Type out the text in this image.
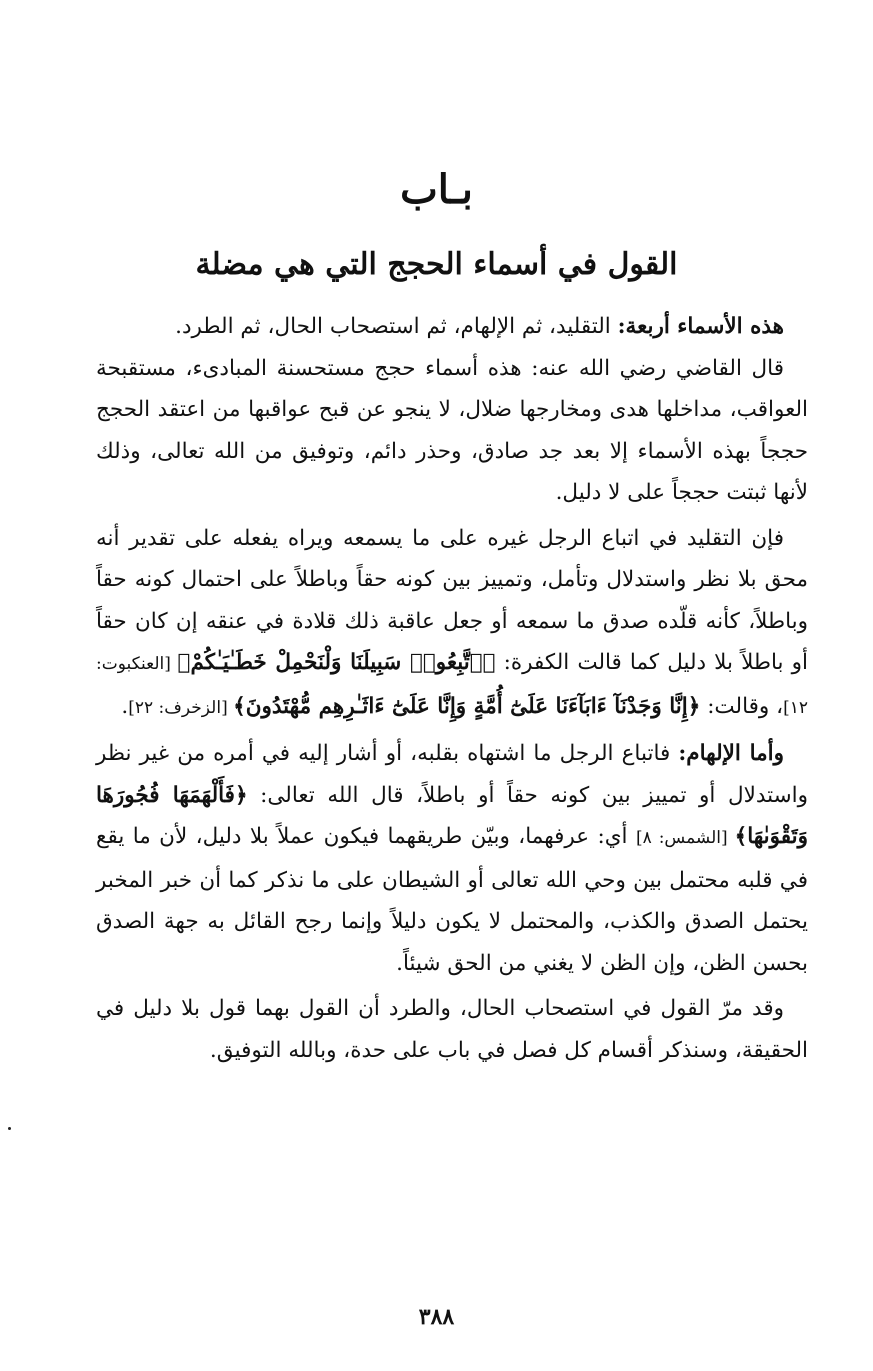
بـاب
القول في أسماء الحجج التي هي مضلة

هذه الأسماء أربعة: التقليد، ثم الإلهام، ثم استصحاب الحال، ثم الطرد.

قال القاضي رضي الله عنه: هذه أسماء حجج مستحسنة المبادىء، مستقبحة العواقب، مداخلها هدى ومخارجها ضلال، لا ينجو عن قبح عواقبها من اعتقد الحجج حججاً بهذه الأسماء إلا بعد جد صادق، وحذر دائم، وتوفيق من الله تعالى، وذلك لأنها ثبتت حججاً على لا دليل.

فإن التقليد في اتباع الرجل غيره على ما يسمعه ويراه يفعله على تقدير أنه محق بلا نظر واستدلال وتأمل، وتمييز بين كونه حقاً وباطلاً على احتمال كونه حقاً وباطلاً، كأنه قلّده صدق ما سمعه أو جعل عاقبة ذلك قلادة في عنقه إن كان حقاً أو باطلاً بلا دليل كما قالت الكفرة: ﴿ٱتَّبِعُوا۟ سَبِيلَنَا وَلْنَحْمِلْ خَطَـٰيَـٰكُمْ﴾ [العنكبوت: ١٢]، وقالت: ﴿إِنَّا وَجَدْنَآ ءَابَآءَنَا عَلَىٰٓ أُمَّةٍ وَإِنَّا عَلَىٰٓ ءَاثَـٰرِهِم مُّهْتَدُونَ﴾ [الزخرف: ٢٢].

وأما الإلهام: فاتباع الرجل ما اشتهاه بقلبه، أو أشار إليه في أمره من غير نظر واستدلال أو تمييز بين كونه حقاً أو باطلاً، قال الله تعالى: ﴿فَأَلْهَمَهَا فُجُورَهَا وَتَقْوَىٰهَا﴾ [الشمس: ٨] أي: عرفهما، وبيّن طريقهما فيكون عملاً بلا دليل، لأن ما يقع في قلبه محتمل بين وحي الله تعالى أو الشيطان على ما نذكر كما أن خبر المخبر يحتمل الصدق والكذب، والمحتمل لا يكون دليلاً وإنما رجح القائل به جهة الصدق بحسن الظن، وإن الظن لا يغني من الحق شيئاً.

وقد مرّ القول في استصحاب الحال، والطرد أن القول بهما قول بلا دليل في الحقيقة، وسنذكر أقسام كل فصل في باب على حدة، وبالله التوفيق.

٣٨٨
